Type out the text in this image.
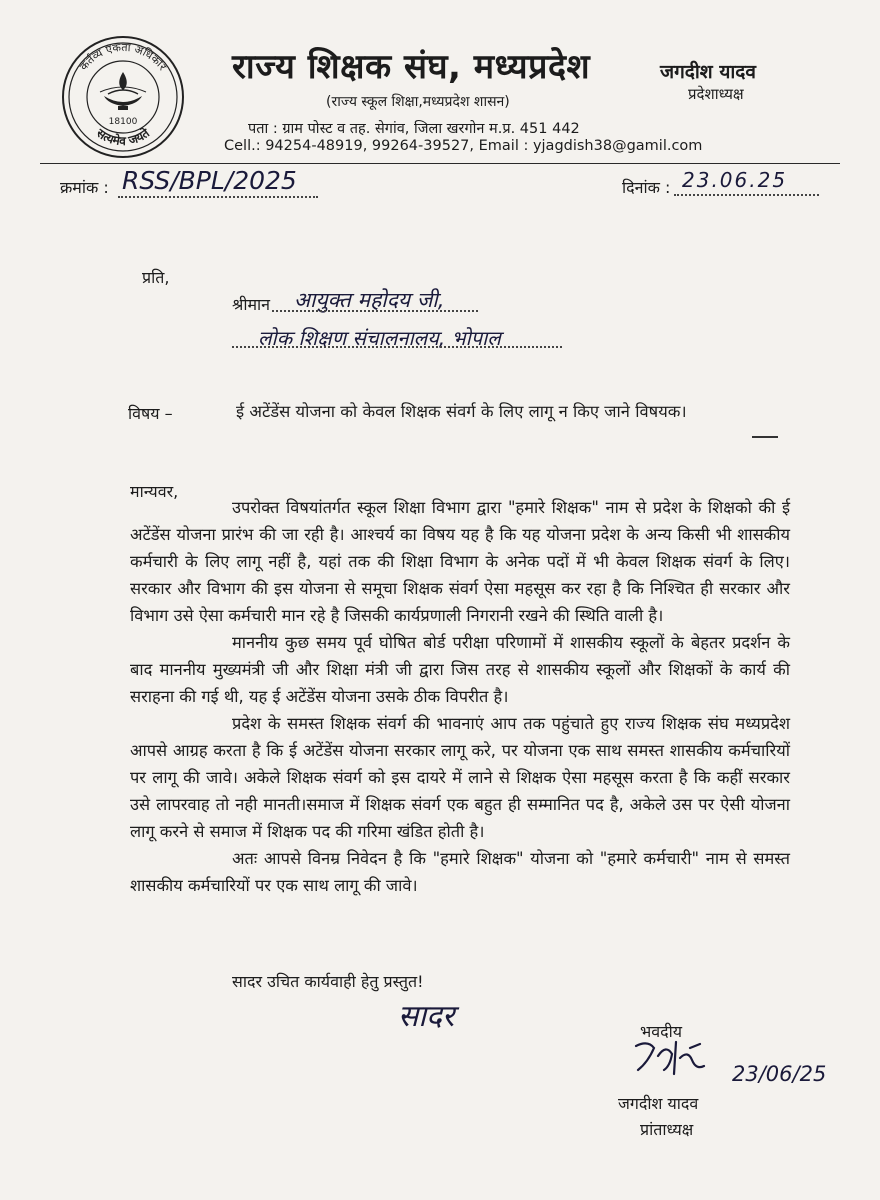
कर्तव्य एकता अधिकार
सत्यमेव जयते
18100
राज्य शिक्षक संघ, मध्यप्रदेश
(राज्य स्कूल शिक्षा,मध्यप्रदेश शासन)
जगदीश यादव
प्रदेशाध्यक्ष
पता : ग्राम पोस्ट व तह. सेगांव, जिला खरगोन म.प्र. 451 442
Cell.: 94254-48919, 99264-39527, Email : yjagdish38@gamil.com
क्रमांक : RSS/BPL/2025	दिनांक : 23.06.25
प्रति,
श्रीमान आयुक्त महोदय जी,
लोक शिक्षण संचालनालय, भोपाल
विषय –	ई अटेंडेंस योजना को केवल शिक्षक संवर्ग के लिए लागू न किए जाने विषयक।
मान्यवर,

उपरोक्त विषयांतर्गत स्कूल शिक्षा विभाग द्वारा "हमारे शिक्षक" नाम से प्रदेश के शिक्षको की ई अटेंडेंस योजना प्रारंभ की जा रही है। आश्चर्य का विषय यह है कि यह योजना प्रदेश के अन्य किसी भी शासकीय कर्मचारी के लिए लागू नहीं है, यहां तक की शिक्षा विभाग के अनेक पदों में भी केवल शिक्षक संवर्ग के लिए। सरकार और विभाग की इस योजना से समूचा शिक्षक संवर्ग ऐसा महसूस कर रहा है कि निश्चित ही सरकार और विभाग उसे ऐसा कर्मचारी मान रहे है जिसकी कार्यप्रणाली निगरानी रखने की स्थिति वाली है।

माननीय कुछ समय पूर्व घोषित बोर्ड परीक्षा परिणामों में शासकीय स्कूलों के बेहतर प्रदर्शन के बाद माननीय मुख्यमंत्री जी और शिक्षा मंत्री जी द्वारा जिस तरह से शासकीय स्कूलों और शिक्षकों के कार्य की सराहना की गई थी, यह ई अटेंडेंस योजना उसके ठीक विपरीत है।

प्रदेश के समस्त शिक्षक संवर्ग की भावनाएं आप तक पहुंचाते हुए राज्य शिक्षक संघ मध्यप्रदेश आपसे आग्रह करता है कि ई अटेंडेंस योजना सरकार लागू करे, पर योजना एक साथ समस्त शासकीय कर्मचारियों पर लागू की जावे। अकेले शिक्षक संवर्ग को इस दायरे में लाने से शिक्षक ऐसा महसूस करता है कि कहीं सरकार उसे लापरवाह तो नही मानती।समाज में शिक्षक संवर्ग एक बहुत ही सम्मानित पद है, अकेले उस पर ऐसी योजना लागू करने से समाज में शिक्षक पद की गरिमा खंडित होती है।

अतः आपसे विनम्र निवेदन है कि "हमारे शिक्षक" योजना को "हमारे कर्मचारी" नाम से समस्त शासकीय कर्मचारियों पर एक साथ लागू की जावे।

सादर उचित कार्यवाही हेतु प्रस्तुत!
सादर	भवदीय
23/06/25
जगदीश यादव
प्रांताध्यक्ष
